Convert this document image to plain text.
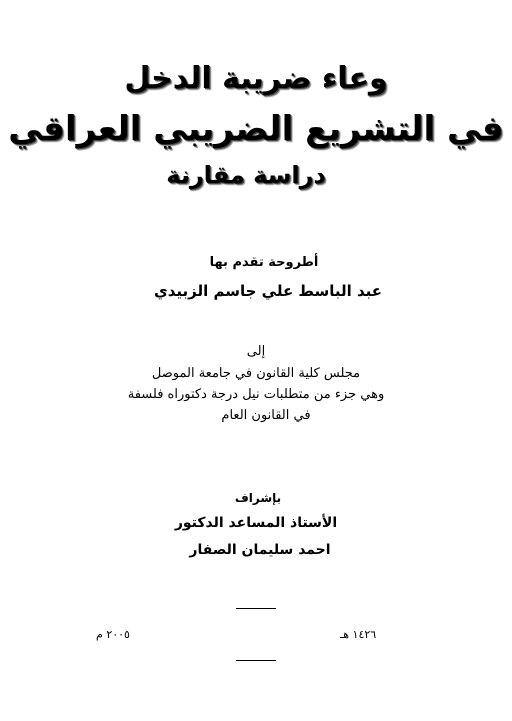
وعاء ضريبة الدخل
في التشريع الضريبي العراقي
دراسة مقارنة
أطروحة تقدم بها
عبد الباسط علي جاسم الزبيدي
إلى
مجلس كلية القانون في جامعة الموصل
وهي جزء من متطلبات نيل درجة دكتوراه فلسفة
في القانون العام
بإشراف
الأستاذ المساعد الدكتور
احمد سليمان الصفار
١٤٢٦ هـ
٢٠٠٥ م
